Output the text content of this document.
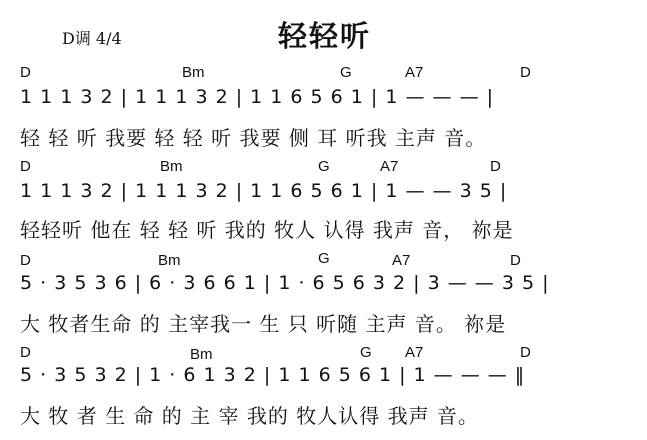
D调 4/4	轻轻听
D	Bm	G	A7	D
1 1 1 3 2 | 1 1 1 3 2 | 1 1 6 5 6 1 | 1 — — — |
轻 轻 听 我要 轻 轻 听 我要 侧 耳 听我 主声 音。
D	Bm	G	A7	D
1 1 1 3 2 | 1 1 1 3 2 | 1 1 6 5 6 1 | 1 — — 3 5 |
轻轻听 他在 轻 轻 听 我的 牧人 认得 我声 音， 祢是
D	Bm	G	A7	D
5 · 3 5 3 6 | 6 · 3 6 6 1 | 1 · 6 5 6 3 2 | 3 — — 3 5 |
大 牧者生命 的 主宰我一 生 只 听随 主声 音。 祢是
D	Bm	G A7	D
5 · 3 5 3 2 | 1 · 6 1 3 2 | 1 1 6 5 6 1 | 1 — — — ‖
大 牧 者 生 命 的 主 宰 我的 牧人认得 我声 音。
